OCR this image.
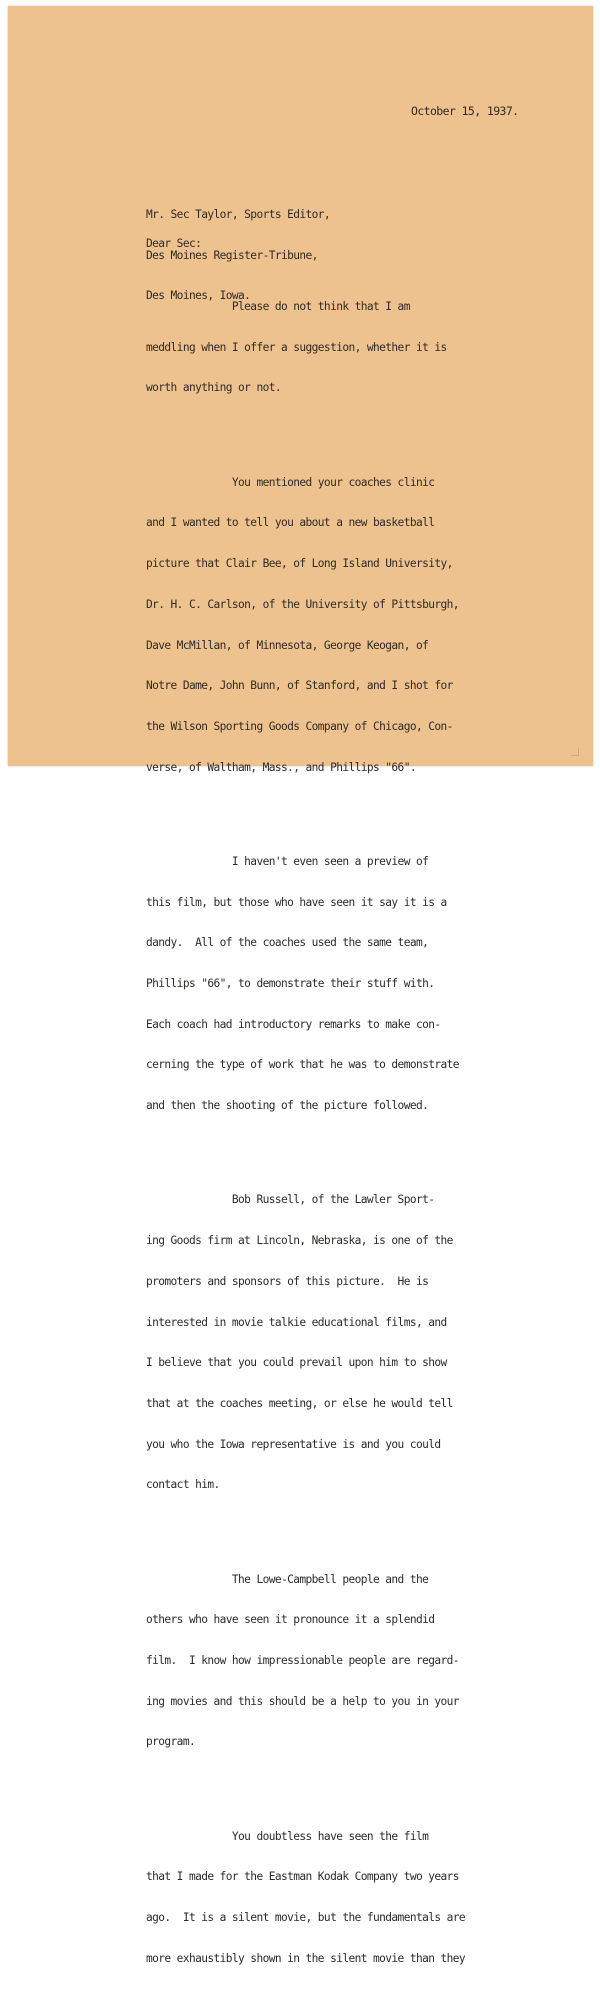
October 15, 1937.

Mr. Sec Taylor, Sports Editor,

Des Moines Register-Tribune,

Des Moines, Iowa.

Dear Sec:

Please do not think that I am

meddling when I offer a suggestion, whether it is

worth anything or not.

You mentioned your coaches clinic

and I wanted to tell you about a new basketball

picture that Clair Bee, of Long Island University,

Dr. H. C. Carlson, of the University of Pittsburgh,

Dave McMillan, of Minnesota, George Keogan, of

Notre Dame, John Bunn, of Stanford, and I shot for

the Wilson Sporting Goods Company of Chicago, Con-

verse, of Waltham, Mass., and Phillips "66".

I haven't even seen a preview of

this film, but those who have seen it say it is a

dandy.  All of the coaches used the same team,

Phillips "66", to demonstrate their stuff with.

Each coach had introductory remarks to make con-

cerning the type of work that he was to demonstrate

and then the shooting of the picture followed.

Bob Russell, of the Lawler Sport-

ing Goods firm at Lincoln, Nebraska, is one of the

promoters and sponsors of this picture.  He is

interested in movie talkie educational films, and

I believe that you could prevail upon him to show

that at the coaches meeting, or else he would tell

you who the Iowa representative is and you could

contact him.

The Lowe-Campbell people and the

others who have seen it pronounce it a splendid

film.  I know how impressionable people are regard-

ing movies and this should be a help to you in your

program.

You doubtless have seen the film

that I made for the Eastman Kodak Company two years

ago.  It is a silent movie, but the fundamentals are

more exhaustibly shown in the silent movie than they
